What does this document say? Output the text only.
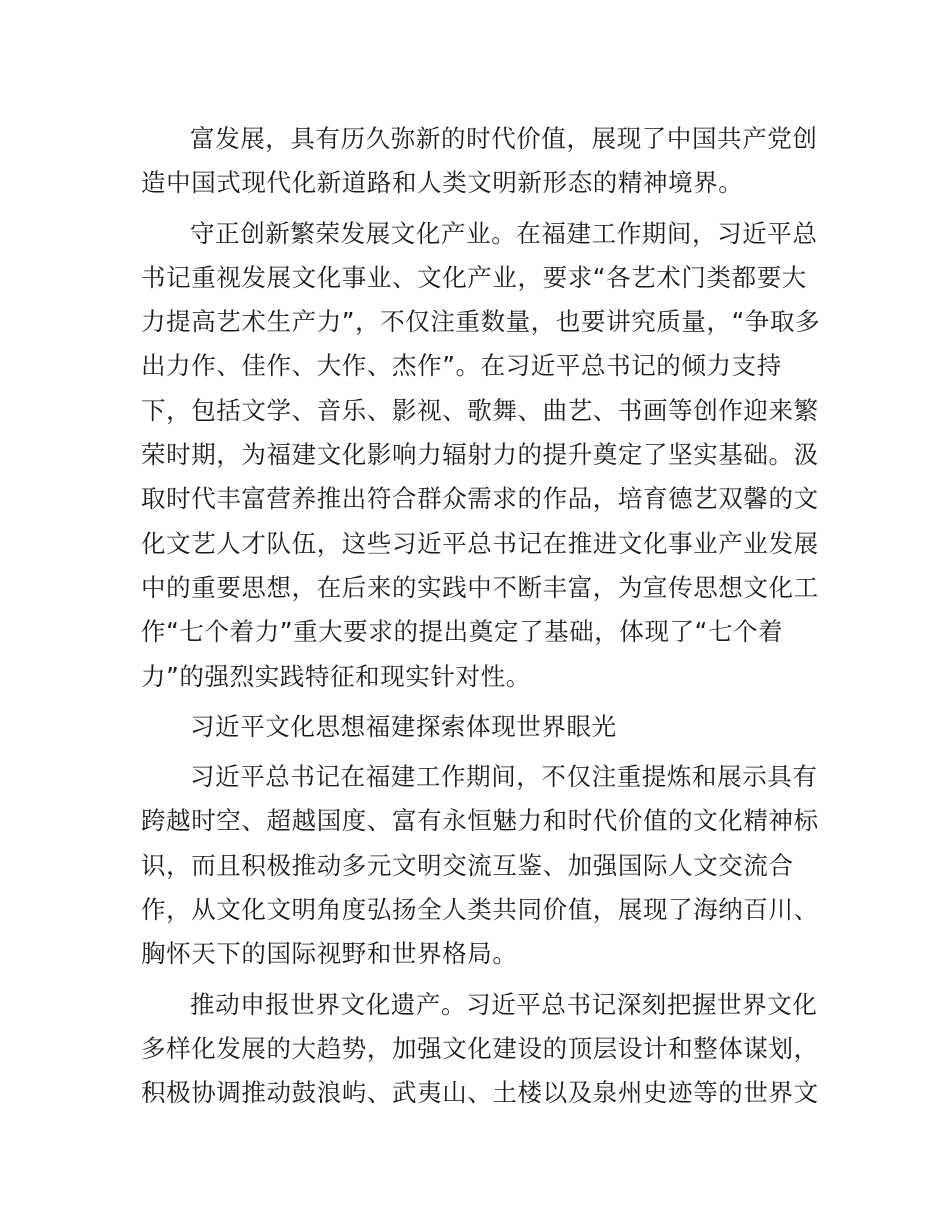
富发展，具有历久弥新的时代价值，展现了中国共产党创造中国式现代化新道路和人类文明新形态的精神境界。

守正创新繁荣发展文化产业。在福建工作期间，习近平总书记重视发展文化事业、文化产业，要求“各艺术门类都要大力提高艺术生产力”，不仅注重数量，也要讲究质量，“争取多出力作、佳作、大作、杰作”。在习近平总书记的倾力支持下，包括文学、音乐、影视、歌舞、曲艺、书画等创作迎来繁荣时期，为福建文化影响力辐射力的提升奠定了坚实基础。汲取时代丰富营养推出符合群众需求的作品，培育德艺双馨的文化文艺人才队伍，这些习近平总书记在推进文化事业产业发展中的重要思想，在后来的实践中不断丰富，为宣传思想文化工作“七个着力”重大要求的提出奠定了基础，体现了“七个着力”的强烈实践特征和现实针对性。

习近平文化思想福建探索体现世界眼光

习近平总书记在福建工作期间，不仅注重提炼和展示具有跨越时空、超越国度、富有永恒魅力和时代价值的文化精神标识，而且积极推动多元文明交流互鉴、加强国际人文交流合作，从文化文明角度弘扬全人类共同价值，展现了海纳百川、胸怀天下的国际视野和世界格局。

推动申报世界文化遗产。习近平总书记深刻把握世界文化多样化发展的大趋势，加强文化建设的顶层设计和整体谋划，积极协调推动鼓浪屿、武夷山、土楼以及泉州史迹等的世界文
